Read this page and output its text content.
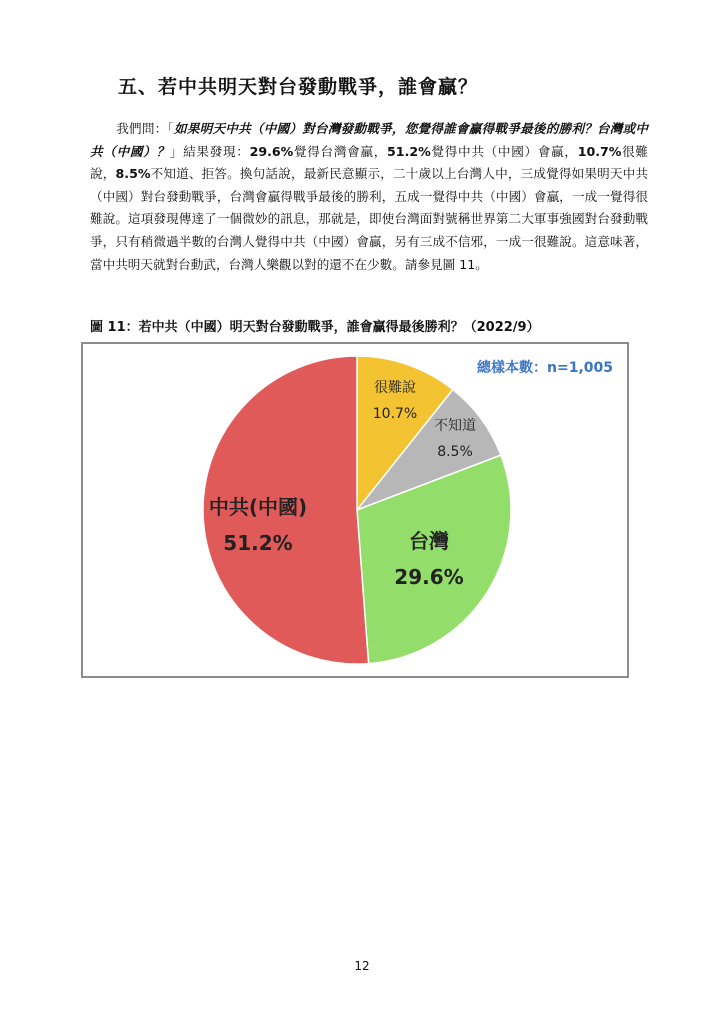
五、若中共明天對台發動戰爭，誰會贏？

我們問：「如果明天中共（中國）對台灣發動戰爭，您覺得誰會贏得戰爭最後的勝利？台灣或中共（中國）？」結果發現：29.6%覺得台灣會贏，51.2%覺得中共（中國）會贏，10.7%很難說，8.5%不知道、拒答。換句話說，最新民意顯示，二十歲以上台灣人中，三成覺得如果明天中共（中國）對台發動戰爭，台灣會贏得戰爭最後的勝利，五成一覺得中共（中國）會贏，一成一覺得很難說。這項發現傳達了一個微妙的訊息，那就是，即使台灣面對號稱世界第二大軍事強國對台發動戰爭，只有稍微過半數的台灣人覺得中共（中國）會贏，另有三成不信邪，一成一很難說。這意味著，當中共明天就對台動武，台灣人樂觀以對的還不在少數。請參見圖 11。

圖 11：若中共（中國）明天對台發動戰爭，誰會贏得最後勝利？（2022/9）

很難說
10.7%
不知道
8.5%
台灣
29.6%
中共(中國)
51.2%
總樣本數：n=1,005

12
